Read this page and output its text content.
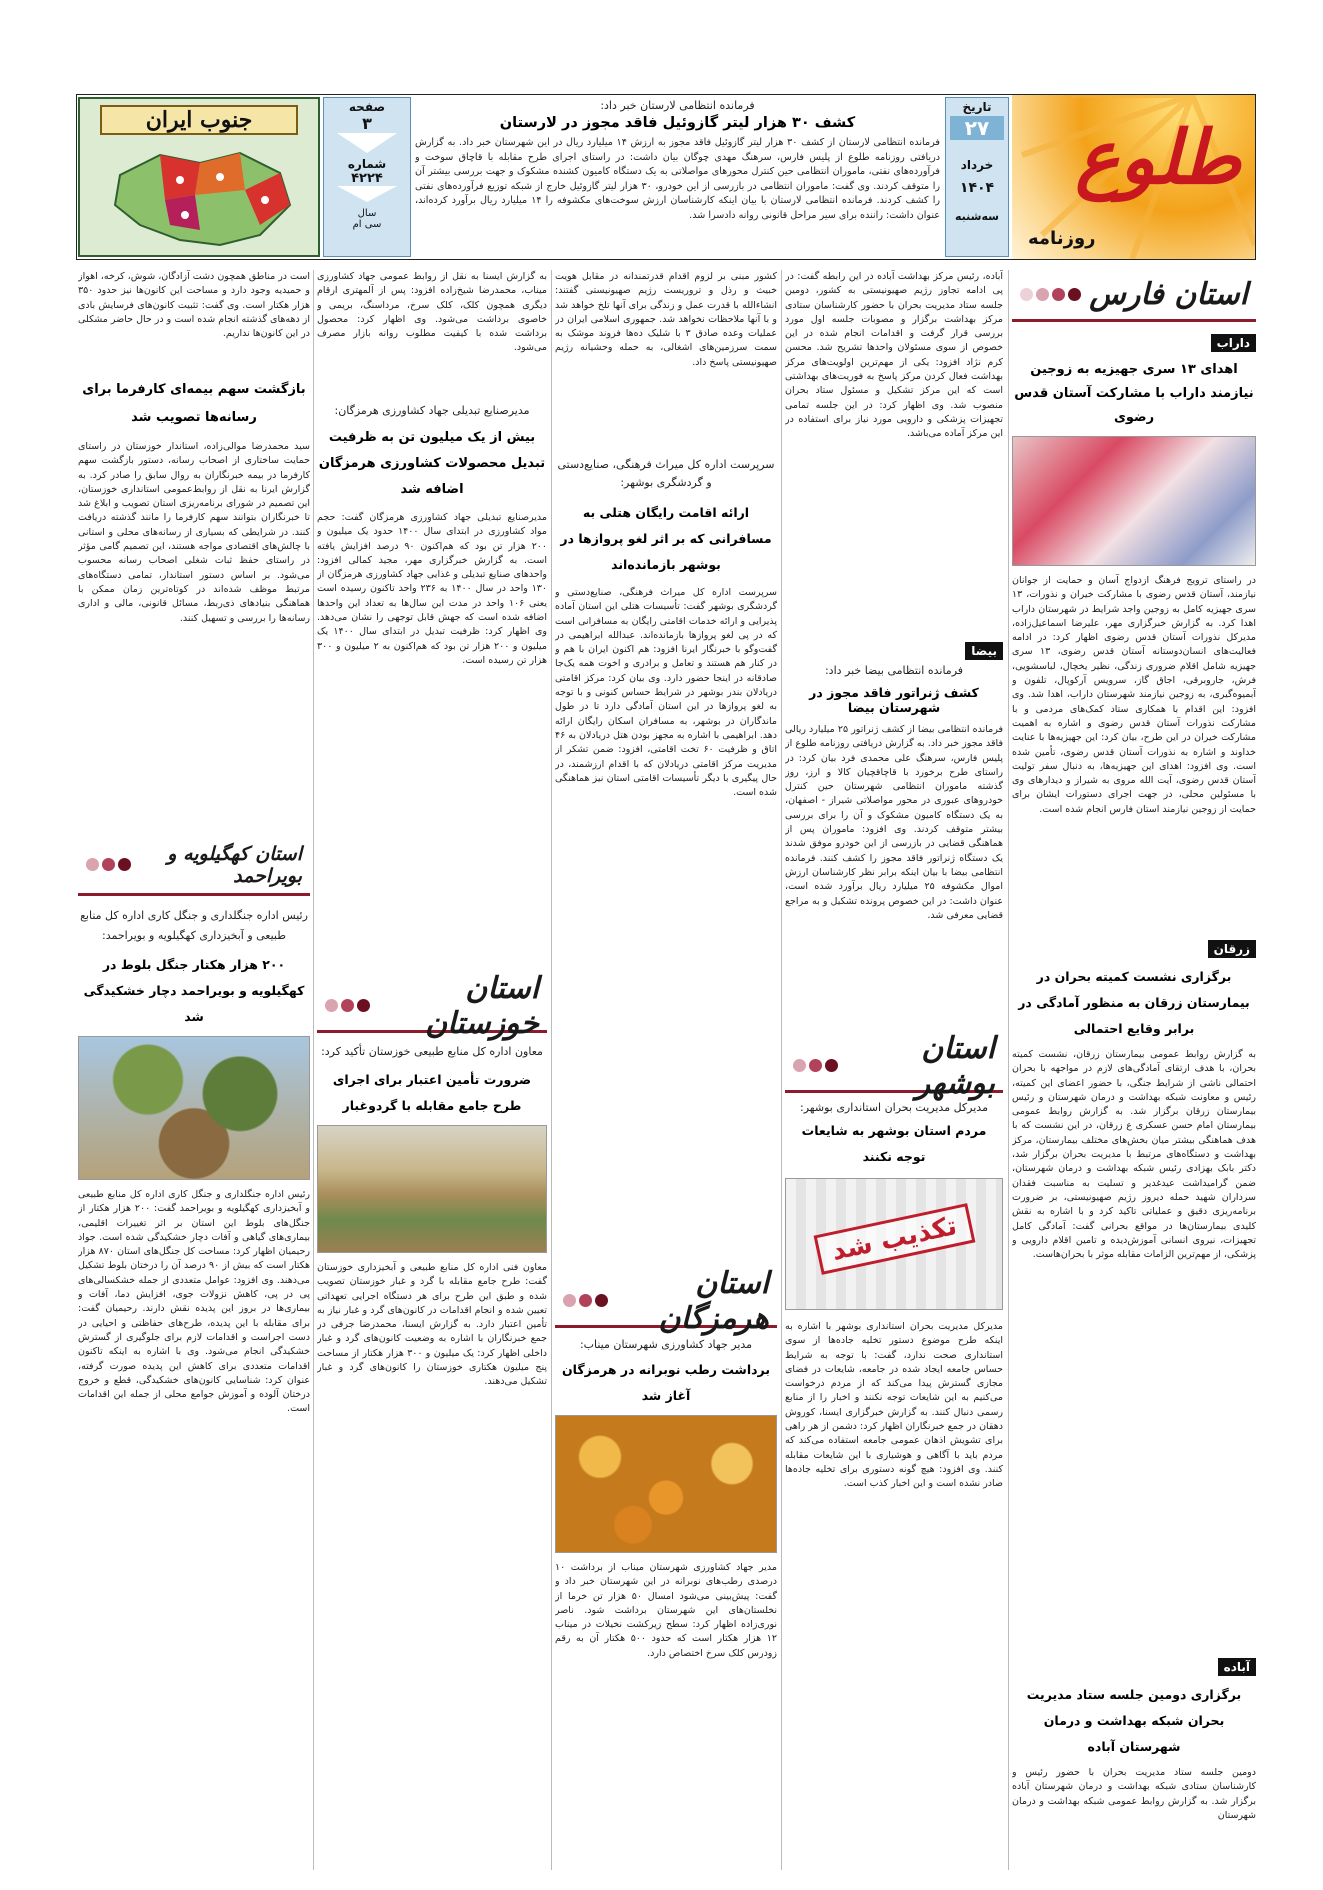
طلوع
روزنامه
تاریخ
۲۷
خرداد
۱۴۰۴
سه‌شنبه
فرمانده انتظامی لارستان خبر داد:
کشف ۳۰ هزار لیتر گازوئیل فاقد مجوز در لارستان
فرمانده انتظامی لارستان از کشف ۳۰ هزار لیتر گازوئیل فاقد مجوز به ارزش ۱۴ میلیارد ریال در این شهرستان خبر داد. به گزارش دریافتی روزنامه طلوع از پلیس فارس، سرهنگ مهدی چوگان بیان داشت: در راستای اجرای طرح مقابله با قاچاق سوخت و فرآورده‌های نفتی، ماموران انتظامی حین کنترل محورهای مواصلاتی به یک دستگاه کامیون کشنده مشکوک و جهت بررسی بیشتر آن را متوقف کردند. وی گفت: ماموران انتظامی در بازرسی از این خودرو، ۳۰ هزار لیتر گازوئیل خارج از شبکه توزیع فرآورده‌های نفتی را کشف کردند. فرمانده انتظامی لارستان با بیان اینکه کارشناسان ارزش سوخت‌های مکشوفه را ۱۴ میلیارد ریال برآورد کرده‌اند، عنوان داشت: راننده برای سیر مراحل قانونی روانه دادسرا شد.
صفحه
۳
شماره
۴۲۲۴
سال
سی ام
جنوب ایران
استان فارس
داراب
اهدای ۱۳ سری جهیزیه به زوجین نیازمند داراب با مشارکت آستان قدس رضوی
در راستای ترویج فرهنگ ازدواج آسان و حمایت از جوانان نیازمند، آستان قدس رضوی با مشارکت خیران و نذورات، ۱۳ سری جهیزیه کامل به زوجین واجد شرایط در شهرستان داراب اهدا کرد. به گزارش خبرگزاری مهر، علیرضا اسماعیل‌زاده، مدیرکل نذورات آستان قدس رضوی اظهار کرد: در ادامه فعالیت‌های انسان‌دوستانه آستان قدس رضوی، ۱۳ سری جهیزیه شامل اقلام ضروری زندگی، نظیر یخچال، لباسشویی، فرش، جاروبرقی، اجاق گاز، سرویس آرکوپال، تلفون و آبمیوه‌گیری، به زوجین نیازمند شهرستان داراب، اهدا شد. وی افزود: این اقدام با همکاری ستاد کمک‌های مردمی و با مشارکت نذورات آستان قدس رضوی و اشاره به اهمیت مشارکت خیران در این طرح، بیان کرد: این جهیزیه‌ها با عنایت خداوند و اشاره به نذورات آستان قدس رضوی، تأمین شده است. وی افزود: اهدای این جهیزیه‌ها، به دنبال سفر تولیت آستان قدس رضوی، آیت الله مروی به شیراز و دیدارهای وی با مسئولین محلی، در جهت اجرای دستورات ایشان برای حمایت از زوجین نیازمند استان فارس انجام شده است.
زرقان
برگزاری نشست کمیته بحران در بیمارستان زرقان به منظور آمادگی در برابر وقایع احتمالی
به گزارش روابط عمومی بیمارستان زرقان، نشست کمیته بحران، با هدف ارتقای آمادگی‌های لازم در مواجهه با بحران احتمالی ناشی از شرایط جنگی، با حضور اعضای این کمیته، رئیس و معاونت شبکه بهداشت و درمان شهرستان و رئیس بیمارستان زرقان برگزار شد. به گزارش روابط عمومی بیمارستان امام حسن عسکری ع زرقان، در این نشست که با هدف هماهنگی بیشتر میان بخش‌های مختلف بیمارستان، مرکز بهداشت و دستگاه‌های مرتبط با مدیریت بحران برگزار شد، دکتر بابک بهزادی رئیس شبکه بهداشت و درمان شهرستان، ضمن گرامیداشت عیدغدیر و تسلیت به مناسبت فقدان سرداران شهید حمله دیروز رژیم صهیونیستی، بر ضرورت برنامه‌ریزی دقیق و عملیاتی تاکید کرد و با اشاره به نقش کلیدی بیمارستان‌ها در مواقع بحرانی گفت: آمادگی کامل تجهیزات، نیروی انسانی آموزش‌دیده و تامین اقلام دارویی و پزشکی، از مهم‌ترین الزامات مقابله موثر با بحران‌هاست.
آباده
برگزاری دومین جلسه ستاد مدیریت بحران شبکه بهداشت و درمان شهرستان آباده
دومین جلسه ستاد مدیریت بحران با حضور رئیس و کارشناسان ستادی شبکه بهداشت و درمان شهرستان آباده برگزار شد. به گزارش روابط عمومی شبکه بهداشت و درمان شهرستان
آباده، رئیس مرکز بهداشت آباده در این رابطه گفت: در پی ادامه تجاوز رژیم صهیونیستی به کشور، دومین جلسه ستاد مدیریت بحران با حضور کارشناسان ستادی مرکز بهداشت برگزار و مصوبات جلسه اول مورد بررسی قرار گرفت و اقدامات انجام شده در این خصوص از سوی مسئولان واحدها تشریح شد. محسن کرم نژاد افزود: یکی از مهم‌ترین اولویت‌های مرکز بهداشت فعال کردن مرکز پاسخ به فوریت‌های بهداشتی است که این مرکز تشکیل و مسئول ستاد بحران منصوب شد. وی اظهار کرد: در این جلسه تمامی تجهیزات پزشکی و دارویی مورد نیاز برای استفاده در این مرکز آماده می‌باشد.
بیضا
فرمانده انتظامی بیضا خبر داد:
کشف ژنراتور فاقد مجوز در شهرستان بیضا
فرمانده انتظامی بیضا از کشف ژنراتور ۲۵ میلیارد ریالی فاقد مجوز خبر داد. به گزارش دریافتی روزنامه طلوع از پلیس فارس، سرهنگ علی محمدی فرد بیان کرد: در راستای طرح برخورد با قاچاقچیان کالا و ارز، روز گذشته ماموران انتظامی شهرستان حین کنترل خودروهای عبوری در محور مواصلاتی شیراز - اصفهان، به یک دستگاه کامیون مشکوک و آن را برای بررسی بیشتر متوقف کردند. وی افزود: ماموران پس از هماهنگی قضایی در بازرسی از این خودرو موفق شدند یک دستگاه ژنراتور فاقد مجوز را کشف کنند. فرمانده انتظامی بیضا با بیان اینکه برابر نظر کارشناسان ارزش اموال مکشوفه ۲۵ میلیارد ریال برآورد شده است، عنوان داشت: در این خصوص پرونده تشکیل و به مراجع قضایی معرفی شد.
استان بوشهر
مدیرکل مدیریت بحران استانداری بوشهر:
مردم استان بوشهر به شایعات توجه نکنند
تکذیب شد
مدیرکل مدیریت بحران استانداری بوشهر با اشاره به اینکه طرح موضوع دستور تخلیه جاده‌ها از سوی استانداری صحت ندارد، گفت: با توجه به شرایط حساس جامعه ایجاد شده در جامعه، شایعات در فضای مجازی گسترش پیدا می‌کند که از مردم درخواست می‌کنیم به این شایعات توجه نکنند و اخبار را از منابع رسمی دنبال کنند. به گزارش خبرگزاری ایسنا، کوروش دهقان در جمع خبرنگاران اظهار کرد: دشمن از هر راهی برای تشویش اذهان عمومی جامعه استفاده می‌کند که مردم باید با آگاهی و هوشیاری با این شایعات مقابله کنند. وی افزود: هیچ گونه دستوری برای تخلیه جاده‌ها صادر نشده است و این اخبار کذب است.
کشور مبنی بر لزوم اقدام قدرتمندانه در مقابل هویت خبیث و رذل و تروریست رژیم صهیونیستی گفتند: انشاءالله با قدرت عمل و زندگی برای آنها تلخ خواهد شد و با آنها ملاحظات نخواهد شد. جمهوری اسلامی ایران در عملیات وعده صادق ۳ با شلیک ده‌ها فروند موشک به سمت سرزمین‌های اشغالی، به حمله وحشیانه رژیم صهیونیستی پاسخ داد.
سرپرست اداره کل میراث فرهنگی، صنایع‌دستی و گردشگری بوشهر:
ارائه اقامت رایگان هتلی به مسافرانی که بر اثر لغو پروازها در بوشهر بازمانده‌اند
سرپرست اداره کل میراث فرهنگی، صنایع‌دستی و گردشگری بوشهر گفت: تأسیسات هتلی این استان آماده پذیرایی و ارائه خدمات اقامتی رایگان به مسافرانی است که در پی لغو پروازها بازمانده‌اند. عبدالله ابراهیمی در گفت‌وگو با خبرنگار ایرنا افزود: هم اکنون ایران با هم و در کنار هم هستند و تعامل و برادری و اخوت همه یک‌جا صادقانه در اینجا حضور دارد. وی بیان کرد: مرکز اقامتی دریادلان بندر بوشهر در شرایط حساس کنونی و با توجه به لغو پروازها در این استان آمادگی دارد تا در طول ماندگاران در بوشهر، به مسافران اسکان رایگان ارائه دهد. ابراهیمی با اشاره به مجهز بودن هتل دریادلان به ۴۶ اتاق و ظرفیت ۶۰ تخت اقامتی، افزود: ضمن تشکر از مدیریت مرکز اقامتی دریادلان که با اقدام ارزشمند، در حال پیگیری با دیگر تأسیسات اقامتی استان نیز هماهنگی شده است.
استان هرمزگان
مدیر جهاد کشاورزی شهرستان میناب:
برداشت رطب نوبرانه در هرمزگان آغاز شد
مدیر جهاد کشاورزی شهرستان میناب از برداشت ۱۰ درصدی رطب‌های نوبرانه در این شهرستان خبر داد و گفت: پیش‌بینی می‌شود امسال ۵۰ هزار تن خرما از نخلستان‌های این شهرستان برداشت شود. ناصر نوری‌زاده اظهار کرد: سطح زیرکشت نخیلات در میناب ۱۲ هزار هکتار است که حدود ۵۰۰ هکتار آن به رقم زودرس کلک سرخ اختصاص دارد.
به گزارش ایسنا به نقل از روابط عمومی جهاد کشاورزی میناب، محمدرضا شیخ‌زاده افزود: پس از آلمهتری ارقام دیگری همچون کلک، کلک سرخ، مرداسنگ، بریمی و خاصوی برداشت می‌شود. وی اظهار کرد: محصول برداشت شده با کیفیت مطلوب روانه بازار مصرف می‌شود.
مدیرصنایع تبدیلی جهاد کشاورزی هرمزگان:
بیش از یک میلیون تن به ظرفیت تبدیل محصولات کشاورزی هرمزگان اضافه شد
مدیرصنایع تبدیلی جهاد کشاورزی هرمزگان گفت: حجم مواد کشاورزی در ابتدای سال ۱۴۰۰ حدود یک میلیون و ۲۰۰ هزار تن بود که هم‌اکنون ۹۰ درصد افزایش یافته است. به گزارش خبرگزاری مهر، مجید کمالی افزود: واحدهای صنایع تبدیلی و غذایی جهاد کشاورزی هرمزگان از ۱۳۰ واحد در سال ۱۴۰۰ به ۲۳۶ واحد تاکنون رسیده است یعنی ۱۰۶ واحد در مدت این سال‌ها به تعداد این واحدها اضافه شده است که جهش قابل توجهی را نشان می‌دهد. وی اظهار کرد: ظرفیت تبدیل در ابتدای سال ۱۴۰۰ یک میلیون و ۲۰۰ هزار تن بود که هم‌اکنون به ۲ میلیون و ۳۰۰ هزار تن رسیده است.
استان خوزستان
معاون اداره کل منابع طبیعی خوزستان تأکید کرد:
ضرورت تأمین اعتبار برای اجرای طرح جامع مقابله با گردوغبار
معاون فنی اداره کل منابع طبیعی و آبخیزداری خوزستان گفت: طرح جامع مقابله با گرد و غبار خوزستان تصویب شده و طبق این طرح برای هر دستگاه اجرایی تعهداتی تعیین شده و انجام اقدامات در کانون‌های گرد و غبار نیاز به تأمین اعتبار دارد. به گزارش ایسنا، محمدرضا جرفی در جمع خبرنگاران با اشاره به وضعیت کانون‌های گرد و غبار داخلی اظهار کرد: یک میلیون و ۳۰۰ هزار هکتار از مساحت پنج میلیون هکتاری خوزستان را کانون‌های گرد و غبار تشکیل می‌دهند.
است در مناطق همچون دشت آزادگان، شوش، کرخه، اهواز و حمیدیه وجود دارد و مساحت این کانون‌ها نیز حدود ۳۵۰ هزار هکتار است. وی گفت: تثبیت کانون‌های فرسایش بادی از دهه‌های گذشته انجام شده است و در حال حاضر مشکلی در این کانون‌ها نداریم.
بازگشت سهم بیمه‌ای کارفرما برای رسانه‌ها تصویب شد
سید محمدرضا موالی‌زاده، استاندار خوزستان در راستای حمایت ساختاری از اصحاب رسانه، دستور بازگشت سهم کارفرما در بیمه خبرنگاران به روال سابق را صادر کرد. به گزارش ایرنا به نقل از روابط‌عمومی استانداری خوزستان، این تصمیم در شورای برنامه‌ریزی استان تصویب و ابلاغ شد تا خبرنگاران بتوانند سهم کارفرما را مانند گذشته دریافت کنند. در شرایطی که بسیاری از رسانه‌های محلی و استانی با چالش‌های اقتصادی مواجه هستند، این تصمیم گامی مؤثر در راستای حفظ ثبات شغلی اصحاب رسانه محسوب می‌شود. بر اساس دستور استاندار، تمامی دستگاه‌های مرتبط موظف شده‌اند در کوتاه‌ترین زمان ممکن با هماهنگی بنیادهای ذی‌ربط، مسائل قانونی، مالی و اداری رسانه‌ها را بررسی و تسهیل کنند.
استان کهگیلویه و بویراحمد
رئیس اداره جنگلداری و جنگل کاری اداره کل منابع طبیعی و آبخیزداری کهگیلویه و بویراحمد:
۲۰۰ هزار هکتار جنگل بلوط در کهگیلویه و بویراحمد دچار خشکیدگی شد
رئیس اداره جنگلداری و جنگل کاری اداره کل منابع طبیعی و آبخیزداری کهگیلویه و بویراحمد گفت: ۲۰۰ هزار هکتار از جنگل‌های بلوط این استان بر اثر تغییرات اقلیمی، بیماری‌های گیاهی و آفات دچار خشکیدگی شده است. جواد رحیمیان اظهار کرد: مساحت کل جنگل‌های استان ۸۷۰ هزار هکتار است که بیش از ۹۰ درصد آن را درختان بلوط تشکیل می‌دهند. وی افزود: عوامل متعددی از جمله خشکسالی‌های پی در پی، کاهش نزولات جوی، افزایش دما، آفات و بیماری‌ها در بروز این پدیده نقش دارند. رحیمیان گفت: برای مقابله با این پدیده، طرح‌های حفاظتی و احیایی در دست اجراست و اقدامات لازم برای جلوگیری از گسترش خشکیدگی انجام می‌شود. وی با اشاره به اینکه تاکنون اقدامات متعددی برای کاهش این پدیده صورت گرفته، عنوان کرد: شناسایی کانون‌های خشکیدگی، قطع و خروج درختان آلوده و آموزش جوامع محلی از جمله این اقدامات است.
